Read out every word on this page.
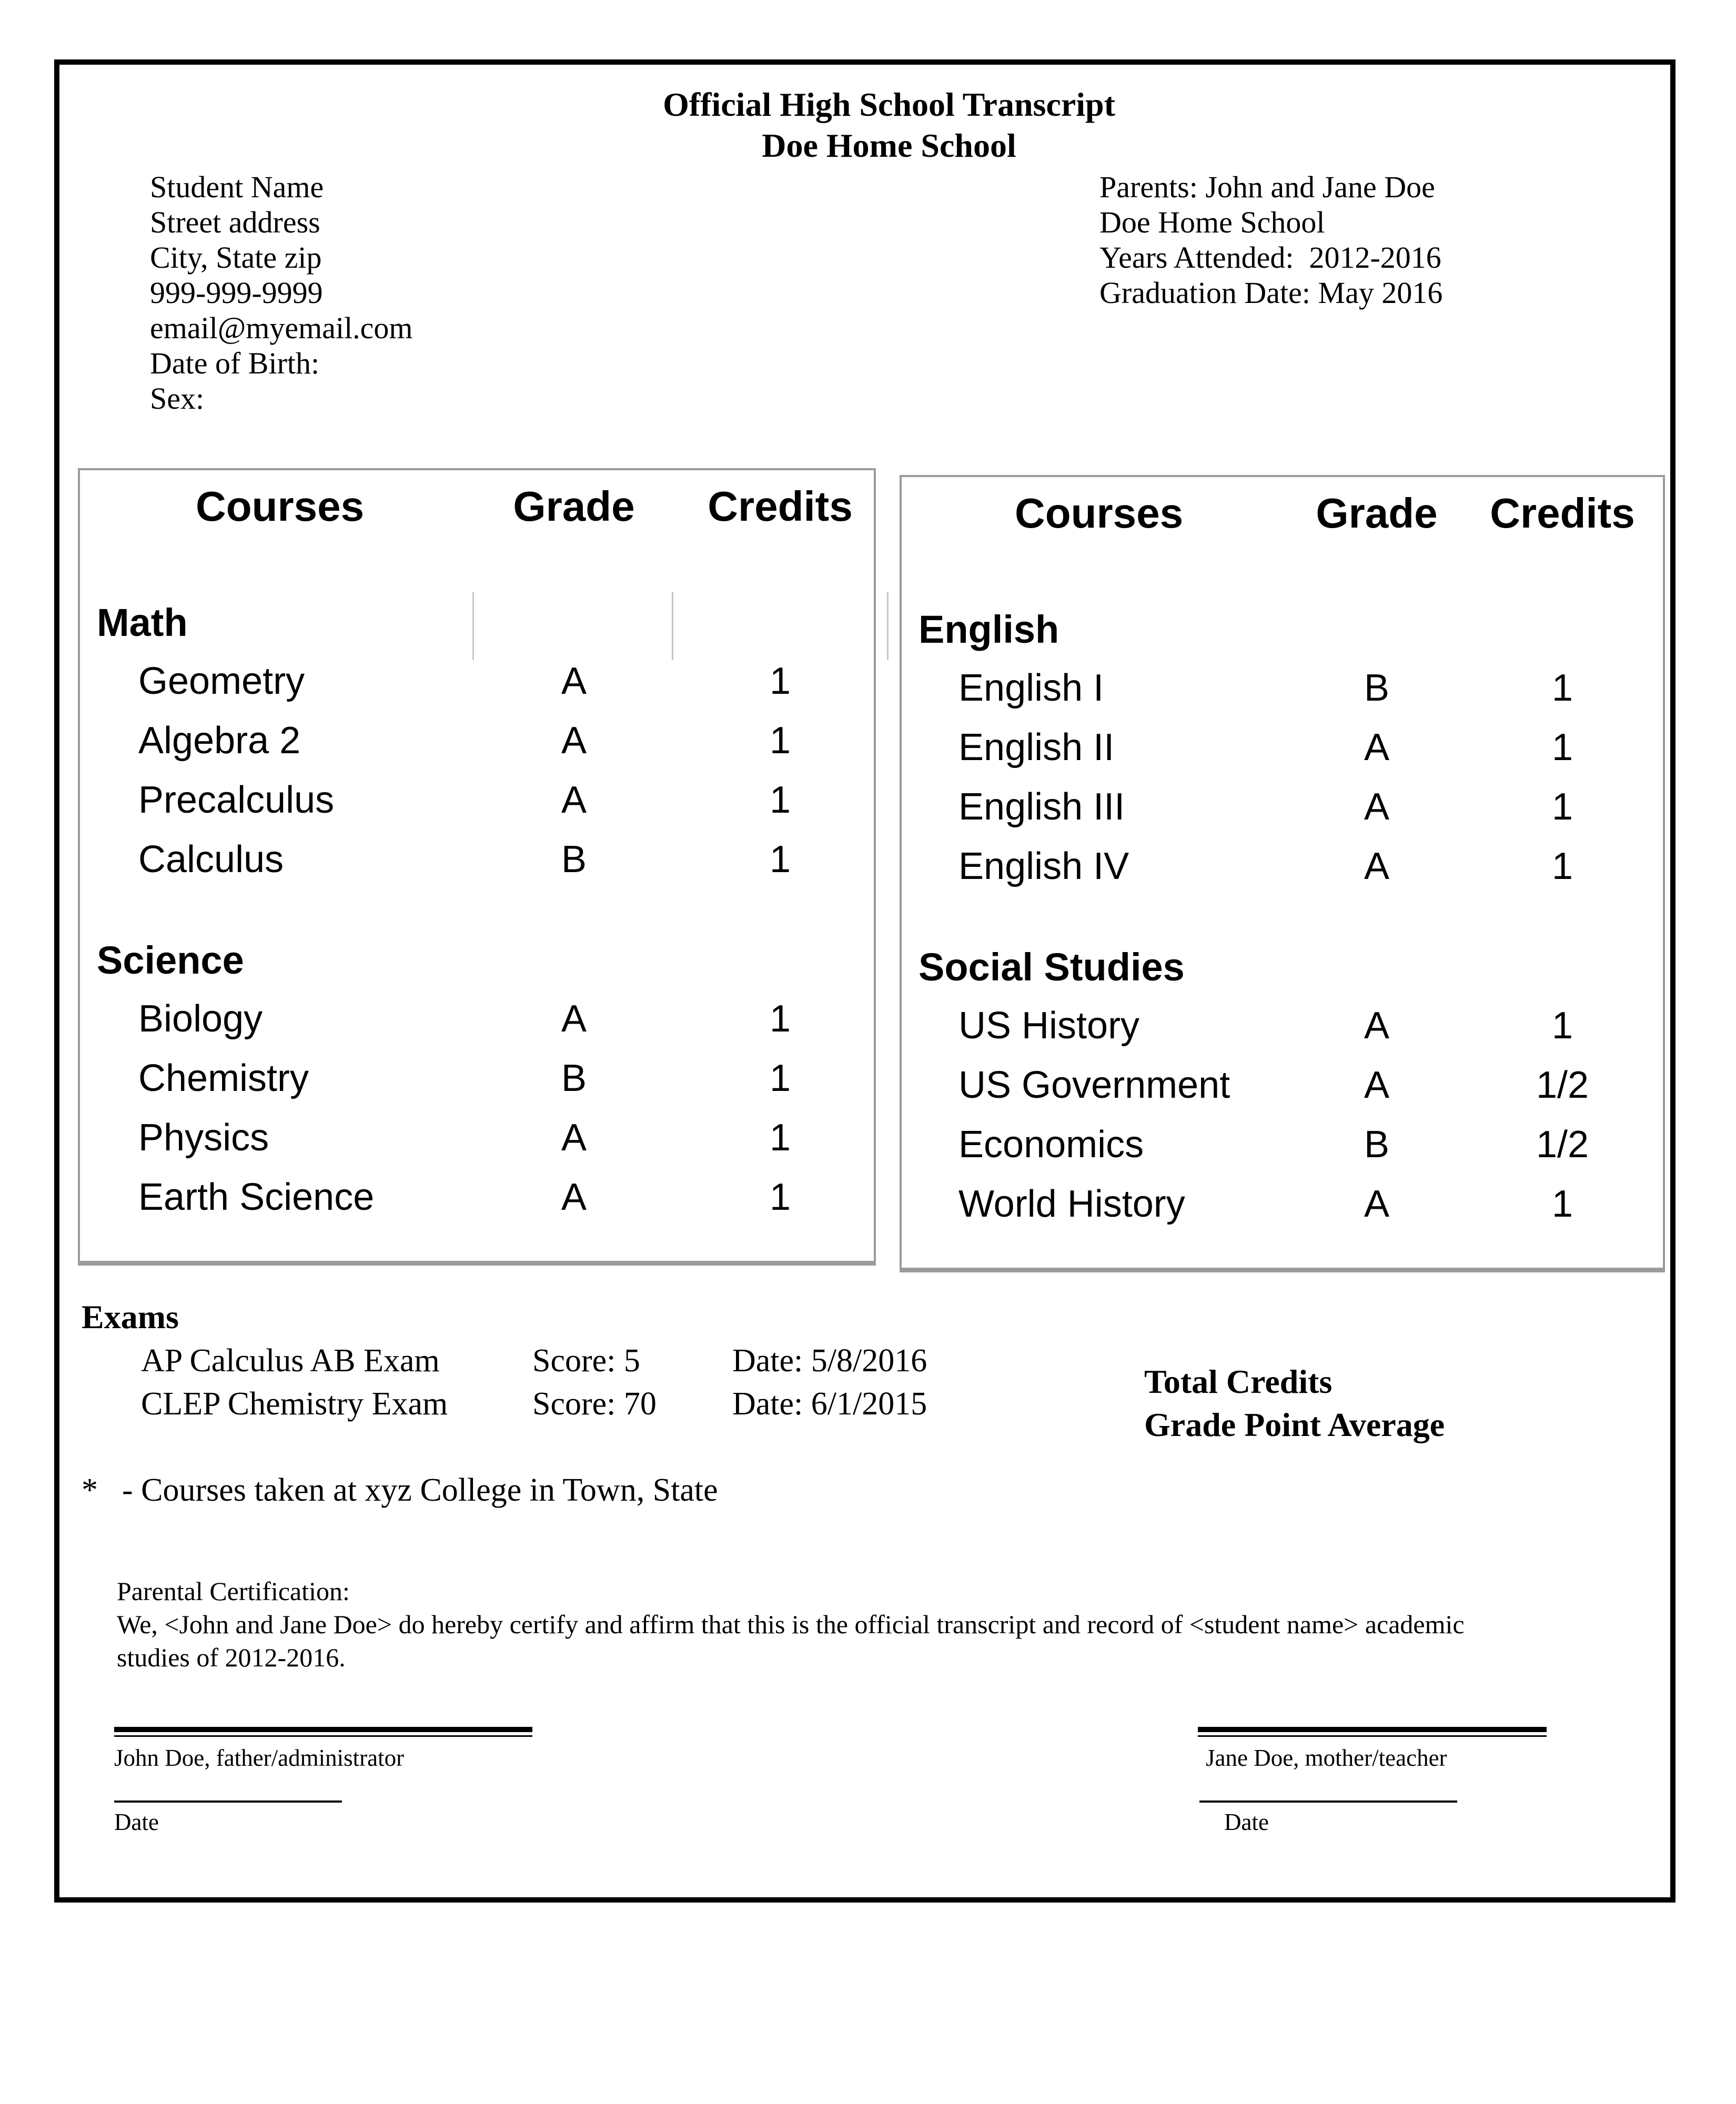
Official High School Transcript
Doe Home School
Student Name
Street address
City, State zip
999-999-9999
email@myemail.com
Date of Birth:
Sex:
Parents: John and Jane Doe
Doe Home School
Years Attended:  2012-2016
Graduation Date: May 2016
Courses	Grade Credits
Math
Geometry	A	1
Algebra 2	A	1
Precalculus	A	1
Calculus	B	1
Science
Biology	A	1
Chemistry	B	1
Physics	A	1
Earth Science	A	1
Courses	Grade Credits
English
English I	B	1
English II	A	1
English III	A	1
English IV	A	1
Social Studies
US History	A	1
US Government	A	1/2
Economics	B	1/2
World History	A	1
Exams
AP Calculus AB Exam	Score: 5	Date: 5/8/2016
CLEP Chemistry Exam	Score: 70 Date: 6/1/2015
Total Credits
Grade Point Average
* - Courses taken at xyz College in Town, State
Parental Certification:
We, <John and Jane Doe> do hereby certify and affirm that this is the official transcript and record of <student name> academic
studies of 2012-2016.
John Doe, father/administrator
Date
Jane Doe, mother/teacher
Date
